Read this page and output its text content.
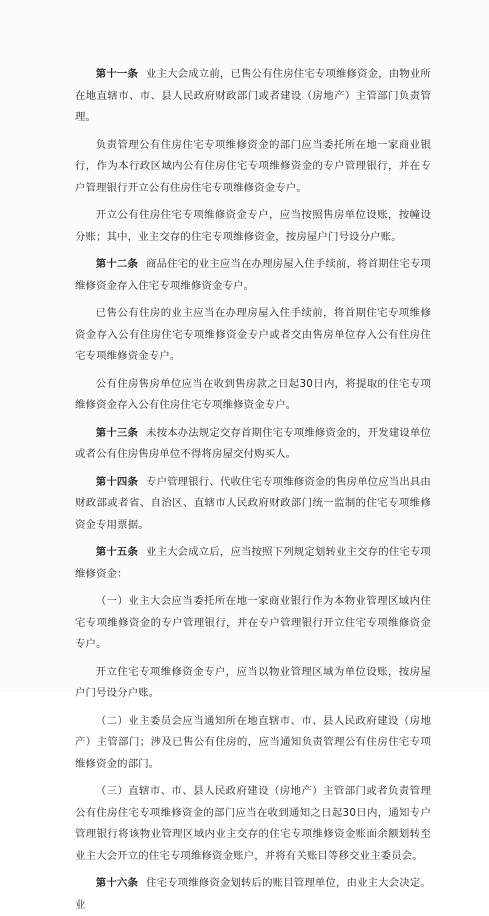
第十一条 业主大会成立前，已售公有住房住宅专项维修资金，由物业所在地直辖市、市、县人民政府财政部门或者建设（房地产）主管部门负责管理。

负责管理公有住房住宅专项维修资金的部门应当委托所在地一家商业银行，作为本行政区域内公有住房住宅专项维修资金的专户管理银行，并在专户管理银行开立公有住房住宅专项维修资金专户。

开立公有住房住宅专项维修资金专户，应当按照售房单位设账，按幢设分账；其中，业主交存的住宅专项维修资金，按房屋户门号设分户账。

第十二条 商品住宅的业主应当在办理房屋入住手续前，将首期住宅专项维修资金存入住宅专项维修资金专户。

已售公有住房的业主应当在办理房屋入住手续前，将首期住宅专项维修资金存入公有住房住宅专项维修资金专户或者交由售房单位存入公有住房住宅专项维修资金专户。

公有住房售房单位应当在收到售房款之日起30日内，将提取的住宅专项维修资金存入公有住房住宅专项维修资金专户。

第十三条 未按本办法规定交存首期住宅专项维修资金的，开发建设单位或者公有住房售房单位不得将房屋交付购买人。

第十四条 专户管理银行、代收住宅专项维修资金的售房单位应当出具由财政部或者省、自治区、直辖市人民政府财政部门统一监制的住宅专项维修资金专用票据。

第十五条 业主大会成立后，应当按照下列规定划转业主交存的住宅专项维修资金：

（一）业主大会应当委托所在地一家商业银行作为本物业管理区域内住宅专项维修资金的专户管理银行，并在专户管理银行开立住宅专项维修资金专户。

开立住宅专项维修资金专户，应当以物业管理区域为单位设账，按房屋户门号设分户账。

（二）业主委员会应当通知所在地直辖市、市、县人民政府建设（房地产）主管部门；涉及已售公有住房的，应当通知负责管理公有住房住宅专项维修资金的部门。

（三）直辖市、市、县人民政府建设（房地产）主管部门或者负责管理公有住房住宅专项维修资金的部门应当在收到通知之日起30日内，通知专户管理银行将该物业管理区域内业主交存的住宅专项维修资金账面余额划转至业主大会开立的住宅专项维修资金账户，并将有关账目等移交业主委员会。

第十六条 住宅专项维修资金划转后的账目管理单位，由业主大会决定。业
